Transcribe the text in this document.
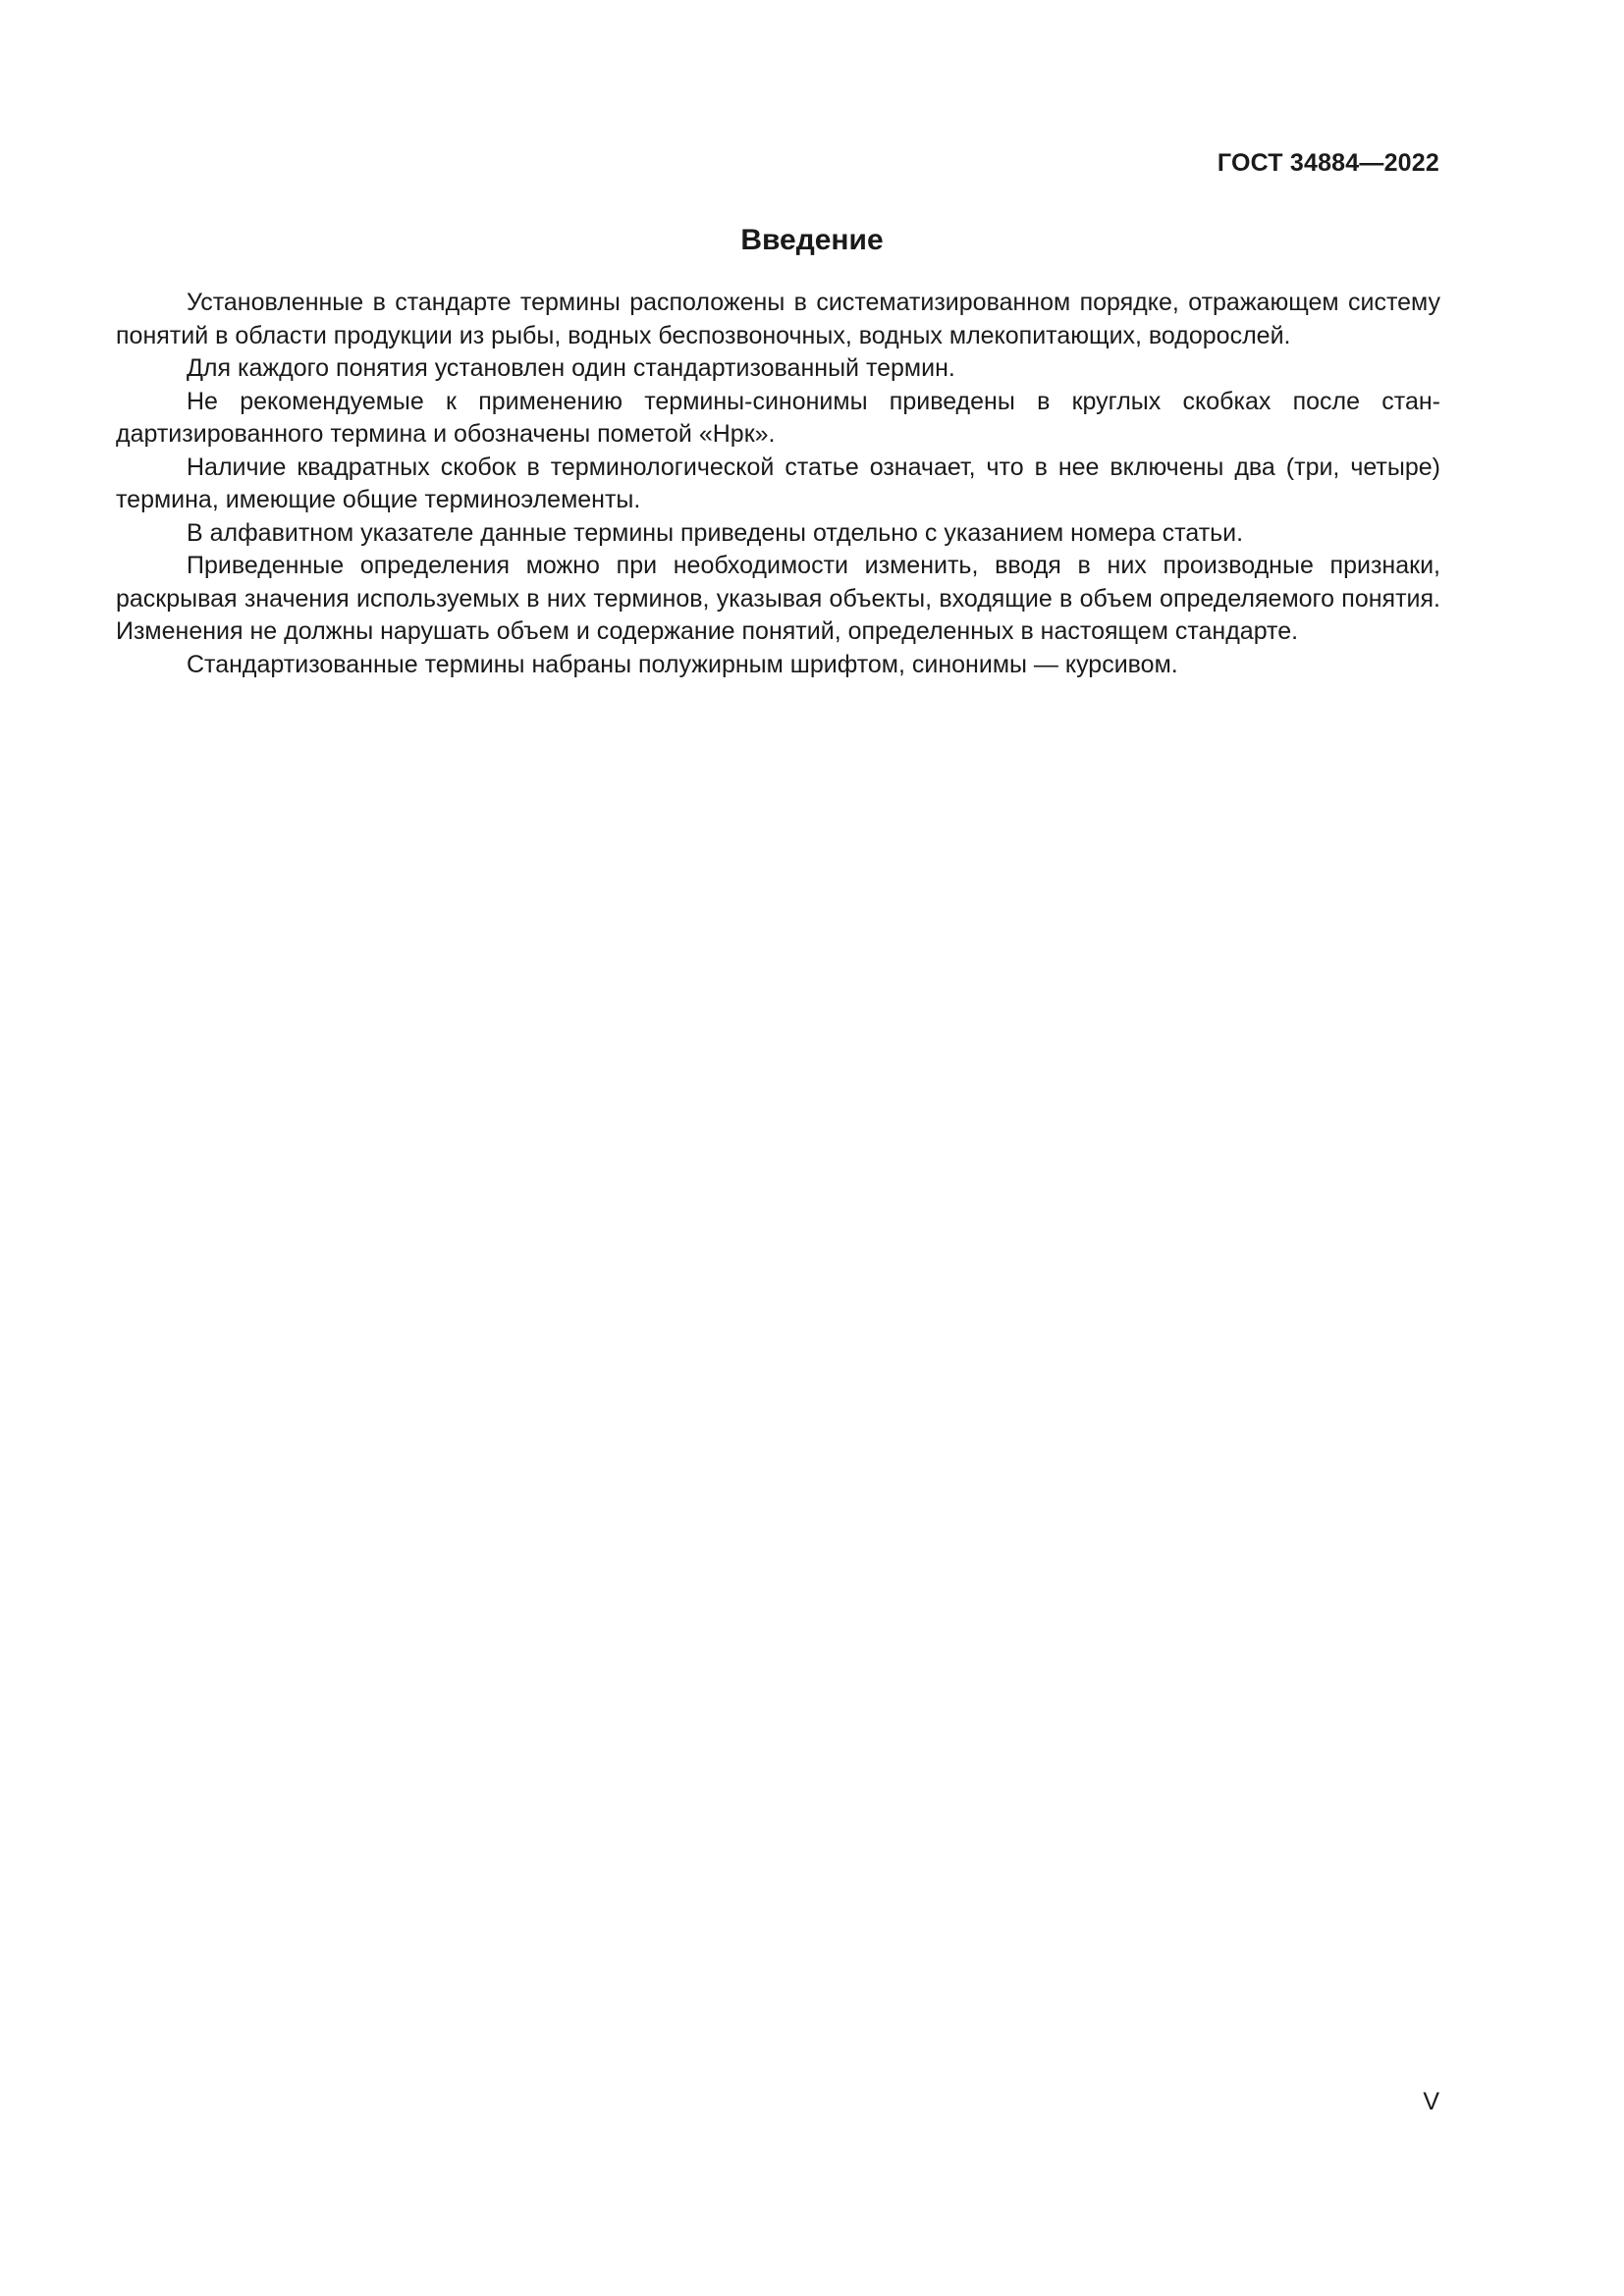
ГОСТ 34884—2022
Введение

Установленные в стандарте термины расположены в систематизированном порядке, отражающем систему понятий в области продукции из рыбы, водных беспозвоночных, водных млекопитающих, водорослей.

Для каждого понятия установлен один стандартизованный термин.

Не рекомендуемые к применению термины-синонимы приведены в круглых скобках после стандартизированного термина и обозначены пометой «Нрк».

Наличие квадратных скобок в терминологической статье означает, что в нее включены два (три, четыре) термина, имеющие общие терминоэлементы.

В алфавитном указателе данные термины приведены отдельно с указанием номера статьи.

Приведенные определения можно при необходимости изменить, вводя в них производные признаки, раскрывая значения используемых в них терминов, указывая объекты, входящие в объем определяемого понятия. Изменения не должны нарушать объем и содержание понятий, определенных в настоящем стандарте.

Стандартизованные термины набраны полужирным шрифтом, синонимы — курсивом.

V
